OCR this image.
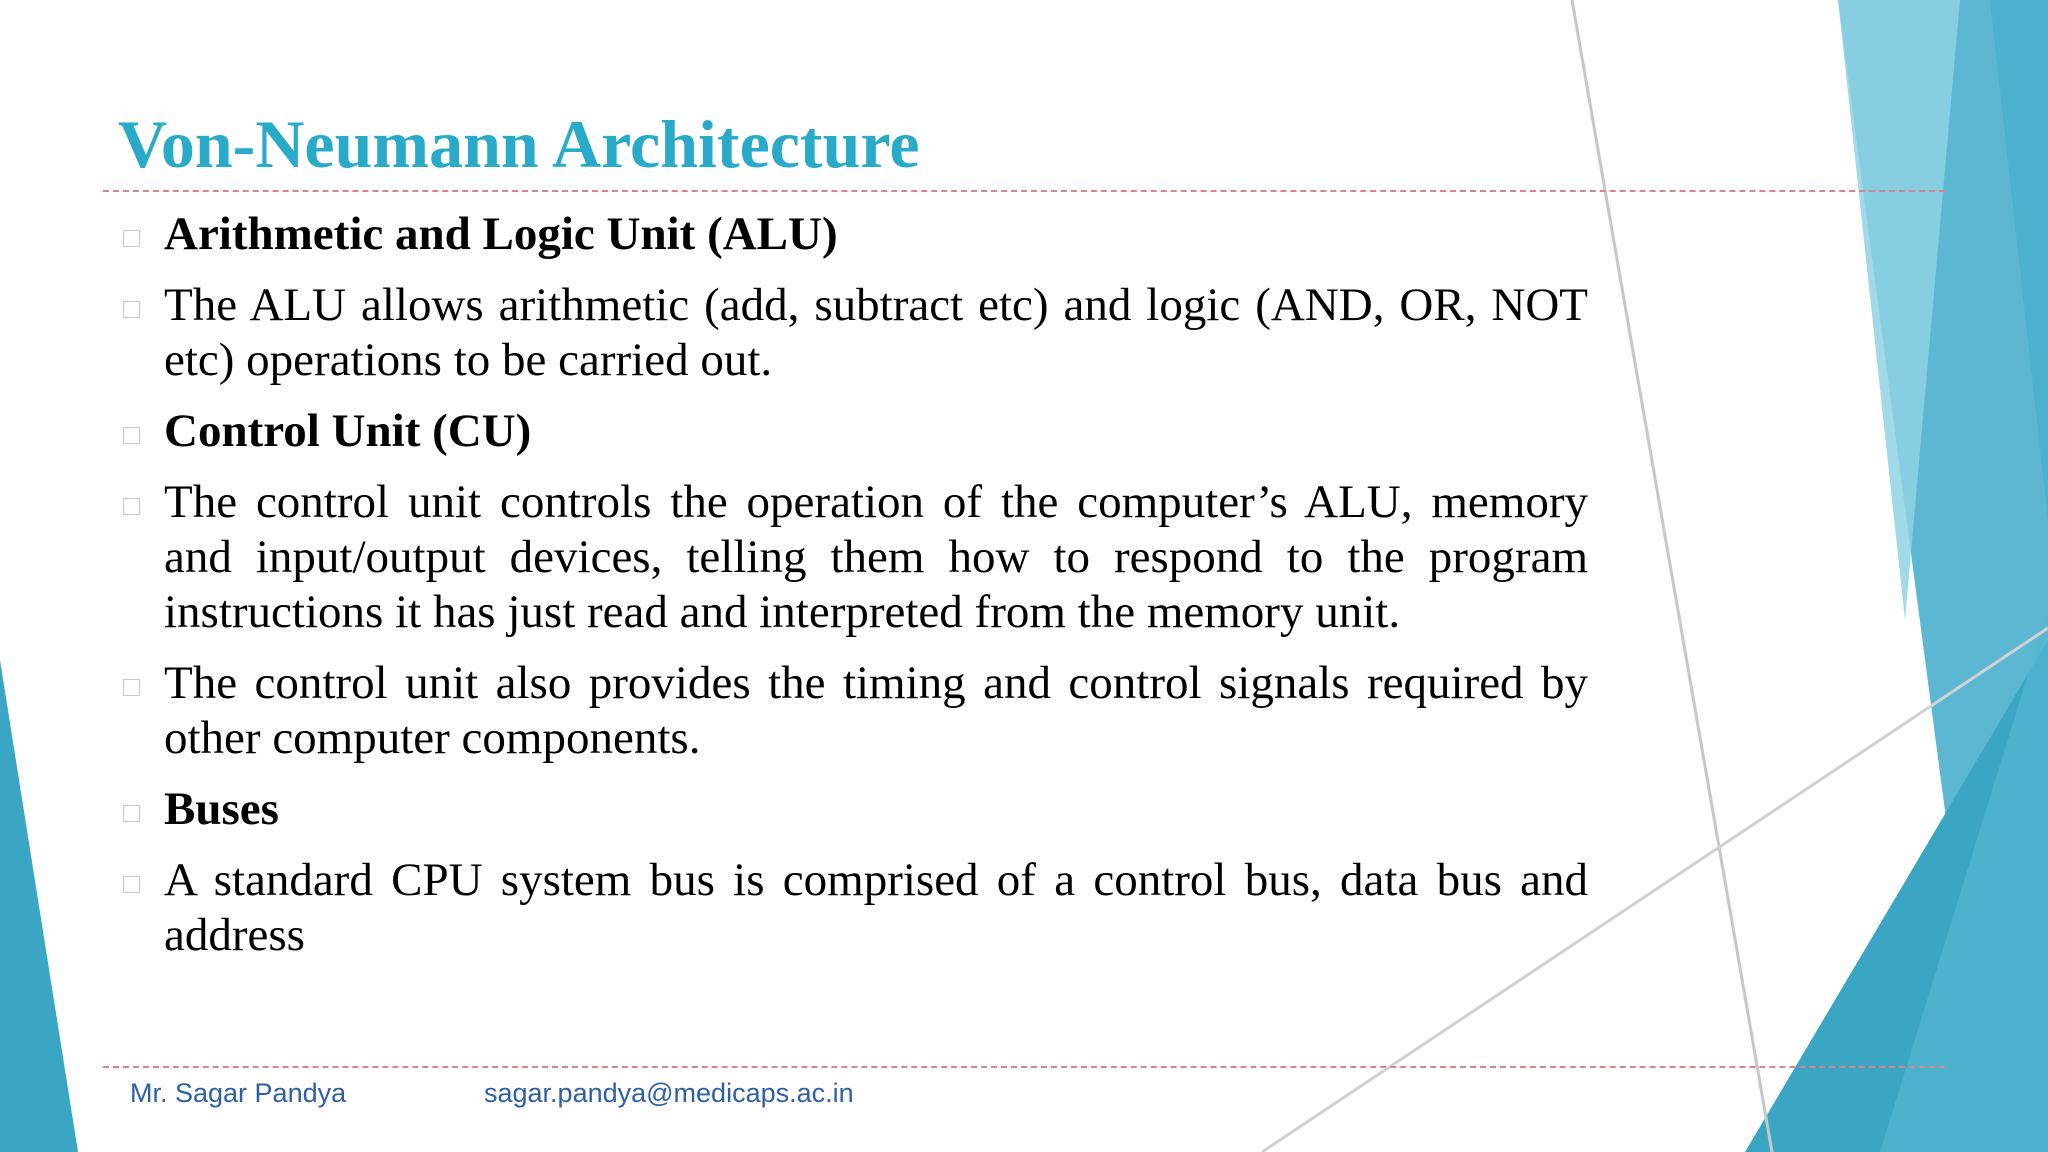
Von-Neumann Architecture
Arithmetic and Logic Unit (ALU)
The ALU allows arithmetic (add, subtract etc) and logic (AND, OR, NOT etc) operations to be carried out.
Control Unit (CU)
The control unit controls the operation of the computer’s ALU, memory and input/output devices, telling them how to respond to the program instructions it has just read and interpreted from the memory unit.
The control unit also provides the timing and control signals required by other computer components.
Buses
A standard CPU system bus is comprised of a control bus, data bus and address
Mr. Sagar Pandya	sagar.pandya@medicaps.ac.in
